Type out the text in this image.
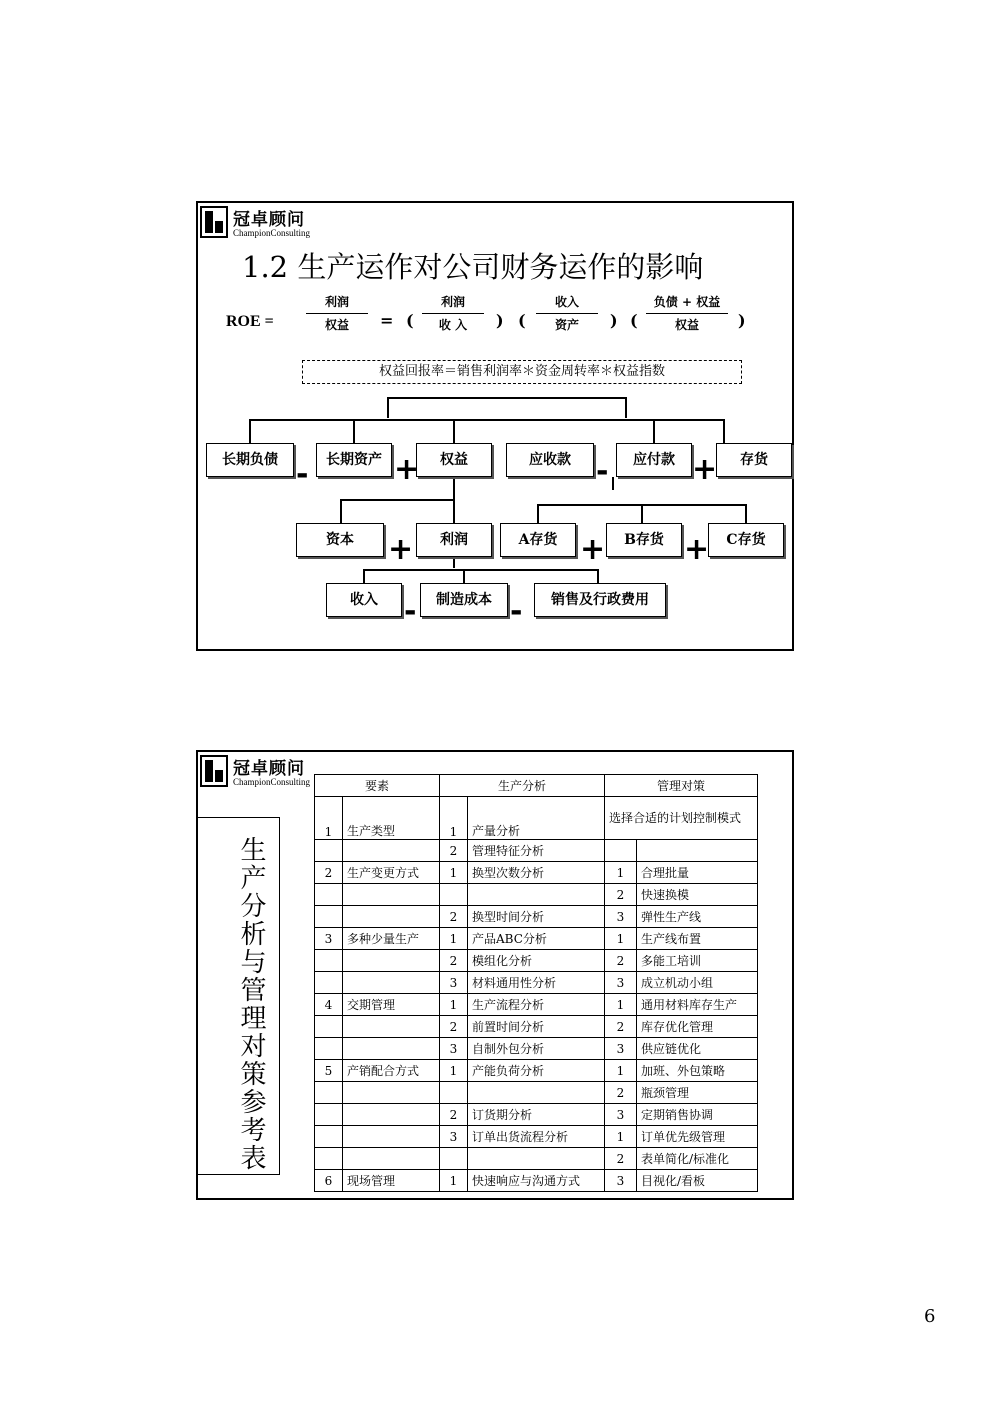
冠卓顾问
ChampionConsulting
1.2 生产运作对公司财务运作的影响
ROE =
利润
权益	= (
利润
收 入	) (
收入
资产	) (
负债 + 权益
权益	)
权益回报率＝销售利润率＊资金周转率＊权益指数
长期负债	长期资产	权益	应收款	应付款	存货
资本	利润	A存货	B存货	C存货
收入	制造成本	销售及行政费用
-	+	-	+
+	+	+
-	-
冠卓顾问
ChampionConsulting
生产分析与管理对策参考表
要素		生产分析		管理对策	
1	生产类型	1	产量分析	选择合适的计划控制模式	
		2	管理特征分析		
2	生产变更方式	1	换型次数分析	1	合理批量
				2	快速换模
		2	换型时间分析	3	弹性生产线
3	多种少量生产	1	产品ABC分析	1	生产线布置
		2	模组化分析	2	多能工培训
		3	材料通用性分析	3	成立机动小组
4	交期管理	1	生产流程分析	1	通用材料库存生产
		2	前置时间分析	2	库存优化管理
		3	自制外包分析	3	供应链优化
5	产销配合方式	1	产能负荷分析	1	加班、外包策略
				2	瓶颈管理
		2	订货期分析	3	定期销售协调
		3	订单出货流程分析	1	订单优先级管理
				2	表单简化/标准化
6	现场管理	1	快速响应与沟通方式	3	目视化/看板
6
